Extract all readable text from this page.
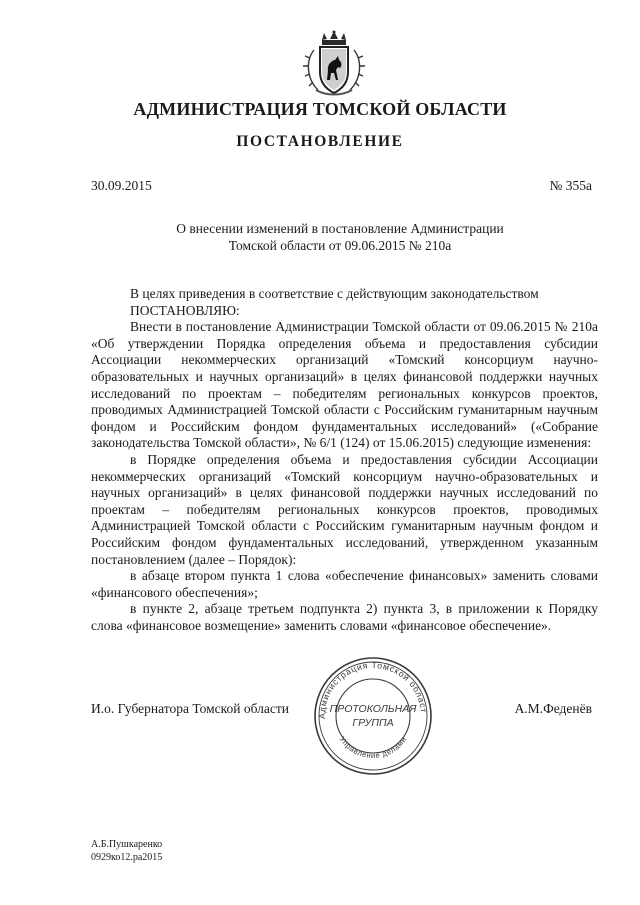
АДМИНИСТРАЦИЯ ТОМСКОЙ ОБЛАСТИ
ПОСТАНОВЛЕНИЕ
30.09.2015	№ 355а
О внесении изменений в постановление Администрации
Томской области от 09.06.2015 № 210а

В целях приведения в соответствие с действующим законодательством

ПОСТАНОВЛЯЮ:

Внести в постановление Администрации Томской области от 09.06.2015 № 210а «Об утверждении Порядка определения объема и предоставления субсидии Ассоциации некоммерческих организаций «Томский консорциум научно-образовательных и научных организаций» в целях финансовой поддержки научных исследований по проектам – победителям региональных конкурсов проектов, проводимых Администрацией Томской области с Российским гуманитарным научным фондом и Российским фондом фундаментальных исследований» («Собрание законодательства Томской области», № 6/1 (124) от 15.06.2015) следующие изменения:

в Порядке определения объема и предоставления субсидии Ассоциации некоммерческих организаций «Томский консорциум научно-образовательных и научных организаций» в целях финансовой поддержки научных исследований по проектам – победителям региональных конкурсов проектов, проводимых Администрацией Томской области с Российским гуманитарным научным фондом и Российским фондом фундаментальных исследований, утвержденном указанным постановлением (далее – Порядок):

в абзаце втором пункта 1 слова «обеспечение финансовых» заменить словами «финансового обеспечения»;

в пункте 2, абзаце третьем подпункта 2) пункта 3, в приложении к Порядку слова «финансовое возмещение» заменить словами «финансовое обеспечение».

И.о. Губернатора Томской области	А.М.Феденёв
Администрация Томской област
Управление делами
ПРОТОКОЛЬНАЯ
ГРУППА
А.Б.Пушкаренко
0929ко12.ра2015
